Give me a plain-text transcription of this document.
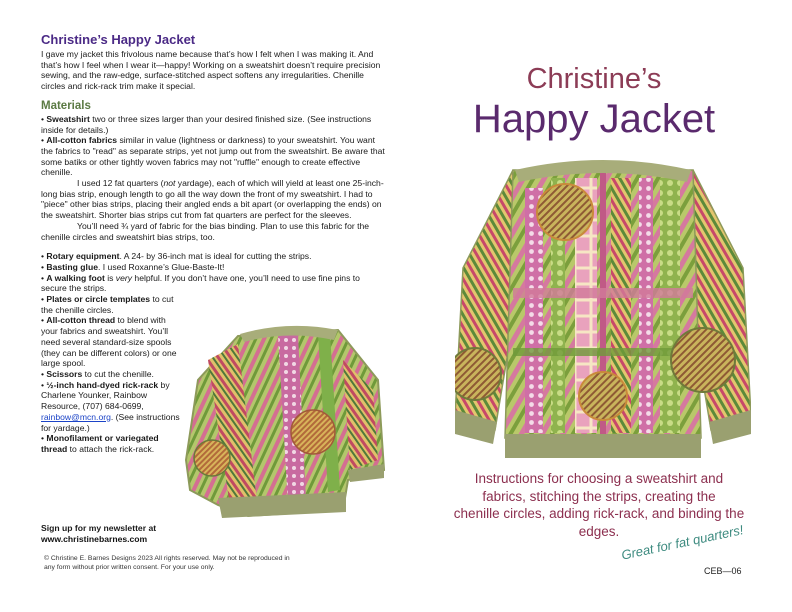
Christine’s Happy Jacket

I gave my jacket this frivolous name because that’s how I felt when I was making it. And that’s how I feel when I wear it—happy! Working on a sweatshirt doesn’t require precision sewing, and the raw-edge, surface-stitched aspect softens any irregularities. Chenille circles and rick-rack trim make it special.

Materials

• Sweatshirt two or three sizes larger than your desired finished size. (See instructions inside for details.)

• All-cotton fabrics similar in value (lightness or darkness) to your sweatshirt. You want the fabrics to "read" as separate strips, yet not jump out from the sweatshirt. Be aware that some batiks or other tightly woven fabrics may not "ruffle" enough to create effective chenille.

I used 12 fat quarters (not yardage), each of which will yield at least one 25-inch-long bias strip, enough length to go all the way down the front of my sweatshirt. I had to "piece" other bias strips, placing their angled ends a bit apart (or overlapping the ends) on the sweatshirt. Shorter bias strips cut from fat quarters are perfect for the sleeves.

You’ll need ¾ yard of fabric for the bias binding. Plan to use this fabric for the chenille circles and sweatshirt bias strips, too.

• Rotary equipment. A 24- by 36-inch mat is ideal for cutting the strips.

• Basting glue. I used Roxanne’s Glue-Baste-It!

• A walking foot is very helpful. If you don’t have one, you’ll need to use fine pins to secure the strips.

• Plates or circle templates to cut the chenille circles.

• All-cotton thread to blend with your fabrics and sweatshirt. You’ll need several standard-size spools (they can be different colors) or one large spool.

• Scissors to cut the chenille.

• ½-inch hand-dyed rick-rack by Charlene Younker, Rainbow Resource, (707) 684-0699, rainbow@mcn.org. (See instructions for yardage.)

• Monofilament or variegated thread to attach the rick-rack.

Sign up for my newsletter at
www.christinebarnes.com
© Christine E. Barnes Designs 2023 All rights reserved. May not be reproduced in
any form without prior written consent. For your use only.
Christine’s
Happy Jacket
Instructions for choosing a sweatshirt and
fabrics, stitching the strips, creating the
chenille circles, adding rick-rack, and binding the
edges. Great for fat quarters!
CEB—06
